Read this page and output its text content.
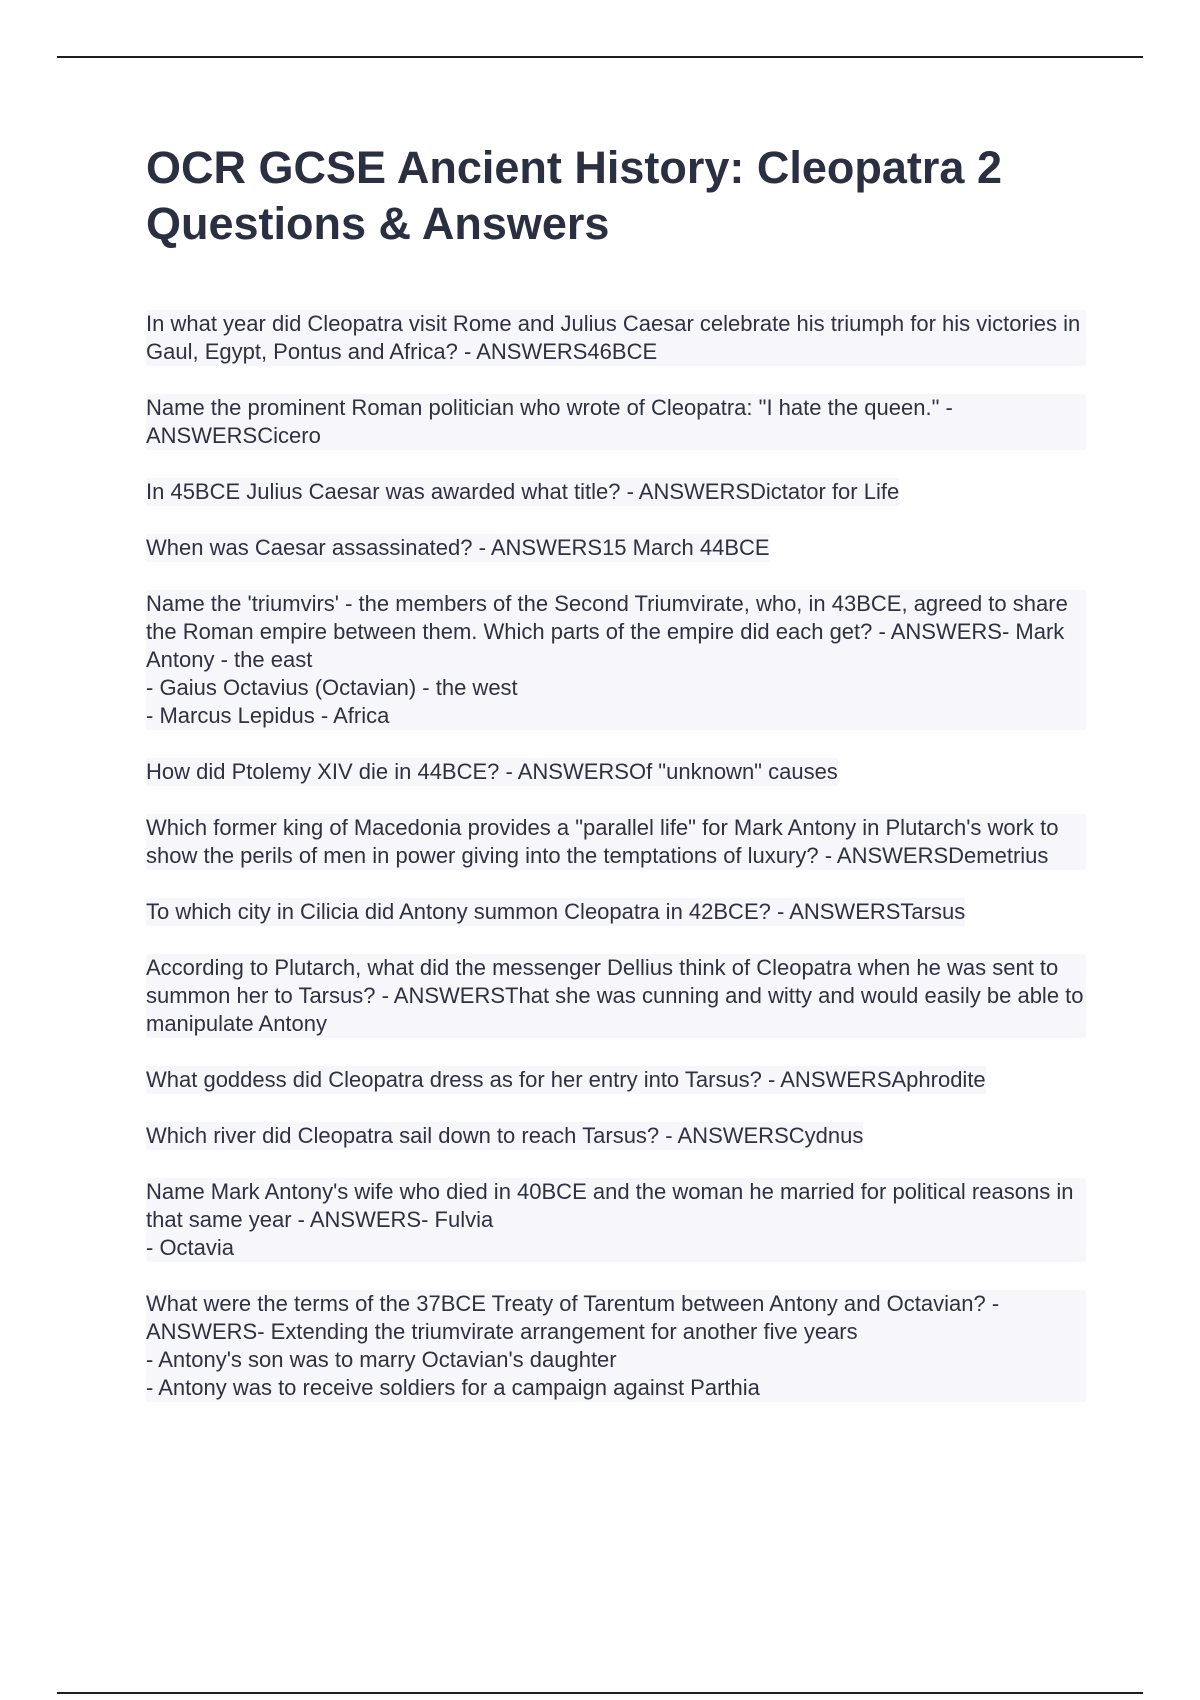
OCR GCSE Ancient History: Cleopatra 2 Questions & Answers

In what year did Cleopatra visit Rome and Julius Caesar celebrate his triumph for his victories in Gaul, Egypt, Pontus and Africa? - ANSWERS46BCE

Name the prominent Roman politician who wrote of Cleopatra: "I hate the queen." - ANSWERSCicero

In 45BCE Julius Caesar was awarded what title? - ANSWERSDictator for Life

When was Caesar assassinated? - ANSWERS15 March 44BCE

Name the 'triumvirs' - the members of the Second Triumvirate, who, in 43BCE, agreed to share the Roman empire between them. Which parts of the empire did each get? - ANSWERS- Mark Antony - the east
- Gaius Octavius (Octavian) - the west
- Marcus Lepidus - Africa

How did Ptolemy XIV die in 44BCE? - ANSWERSOf "unknown" causes

Which former king of Macedonia provides a "parallel life" for Mark Antony in Plutarch's work to show the perils of men in power giving into the temptations of luxury? - ANSWERSDemetrius

To which city in Cilicia did Antony summon Cleopatra in 42BCE? - ANSWERSTarsus

According to Plutarch, what did the messenger Dellius think of Cleopatra when he was sent to summon her to Tarsus? - ANSWERSThat she was cunning and witty and would easily be able to manipulate Antony

What goddess did Cleopatra dress as for her entry into Tarsus? - ANSWERSAphrodite

Which river did Cleopatra sail down to reach Tarsus? - ANSWERSCydnus

Name Mark Antony's wife who died in 40BCE and the woman he married for political reasons in that same year - ANSWERS- Fulvia
- Octavia

What were the terms of the 37BCE Treaty of Tarentum between Antony and Octavian? - ANSWERS- Extending the triumvirate arrangement for another five years
- Antony's son was to marry Octavian's daughter
- Antony was to receive soldiers for a campaign against Parthia
